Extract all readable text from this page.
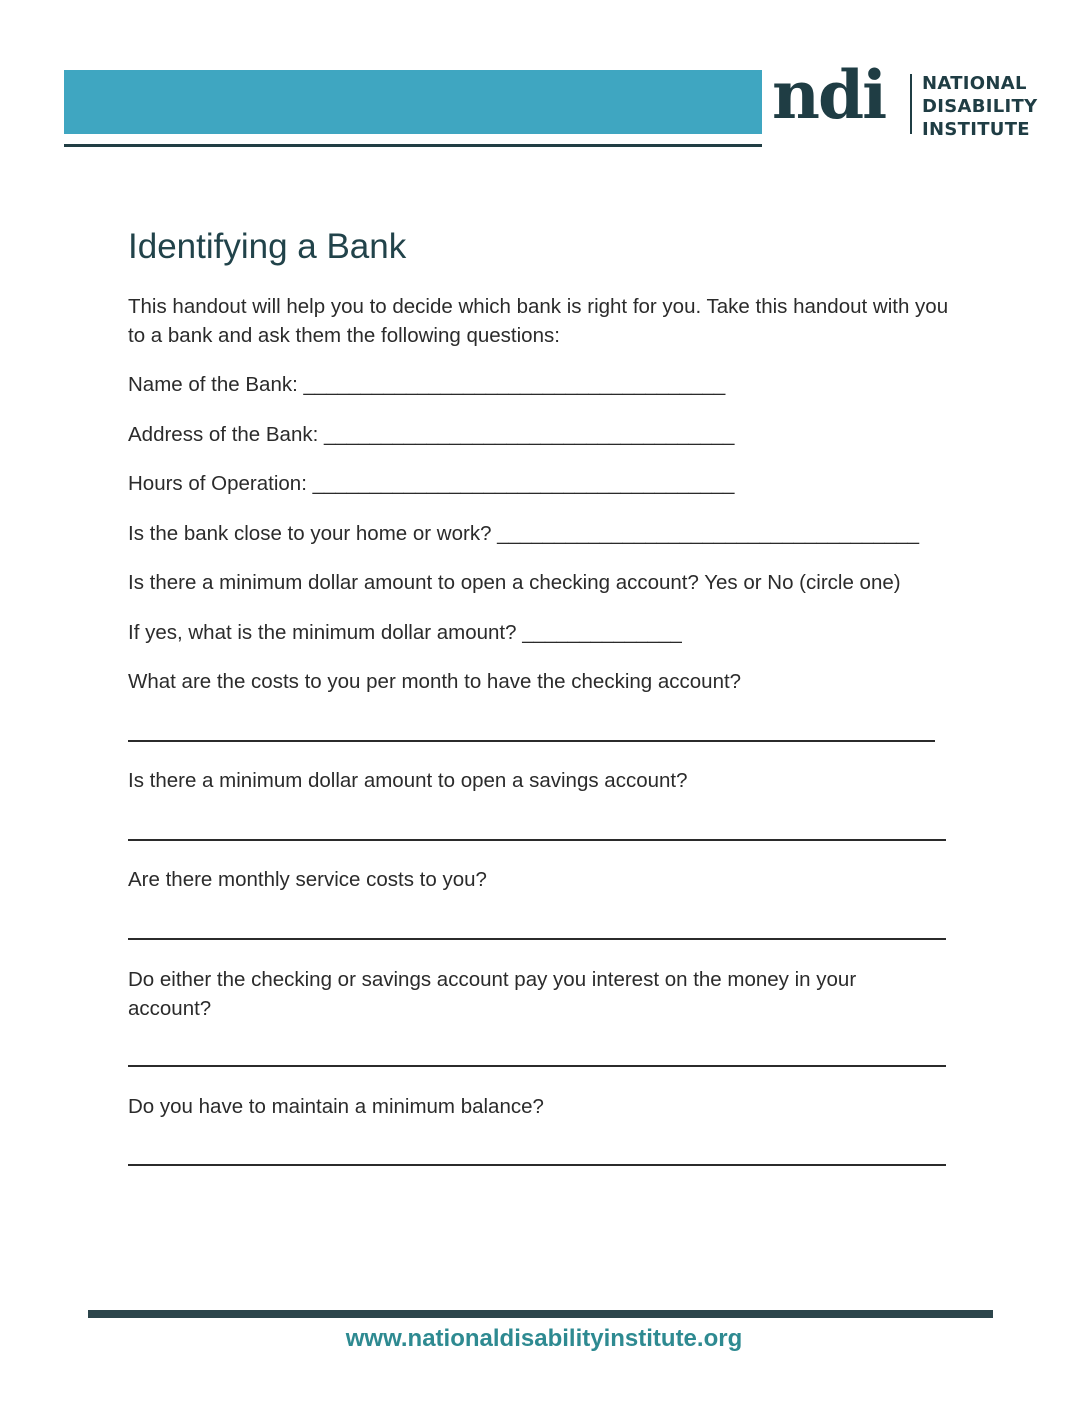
ndi NATIONAL
DISABILITY
INSTITUTE
Identifying a Bank

This handout will help you to decide which bank is right for you. Take this handout with you to a bank and ask them the following questions:

Name of the Bank: _____________________________________

Address of the Bank: ____________________________________

Hours of Operation: _____________________________________

Is the bank close to your home or work? _____________________________________

Is there a minimum dollar amount to open a checking account? Yes or No (circle one)

If yes, what is the minimum dollar amount? ______________

What are the costs to you per month to have the checking account?

Is there a minimum dollar amount to open a savings account?

Are there monthly service costs to you?

Do either the checking or savings account pay you interest on the money in your account?

Do you have to maintain a minimum balance?

www.nationaldisabilityinstitute.org
